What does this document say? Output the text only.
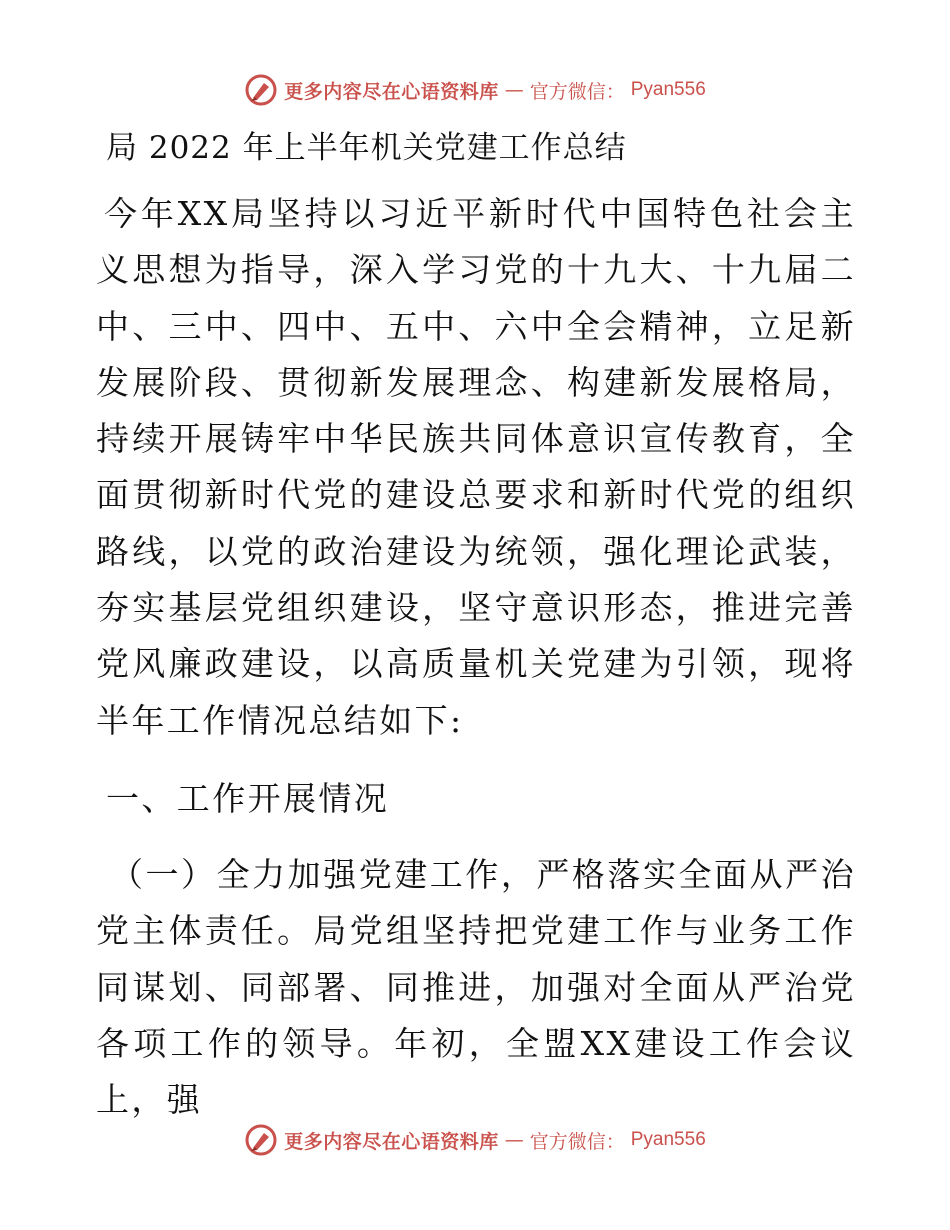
更多内容尽在心语资料库 — 官方微信： Pyan556
局 2022 年上半年机关党建工作总结

今年XX局坚持以习近平新时代中国特色社会主义思想为指导，深入学习党的十九大、十九届二中、三中、四中、五中、六中全会精神，立足新发展阶段、贯彻新发展理念、构建新发展格局，持续开展铸牢中华民族共同体意识宣传教育，全面贯彻新时代党的建设总要求和新时代党的组织路线，以党的政治建设为统领，强化理论武装，夯实基层党组织建设，坚守意识形态，推进完善党风廉政建设，以高质量机关党建为引领，现将半年工作情况总结如下:

一、工作开展情况

（一）全力加强党建工作，严格落实全面从严治党主体责任。局党组坚持把党建工作与业务工作同谋划、同部署、同推进，加强对全面从严治党各项工作的领导。年初，全盟XX建设工作会议上，强

更多内容尽在心语资料库 — 官方微信： Pyan556
